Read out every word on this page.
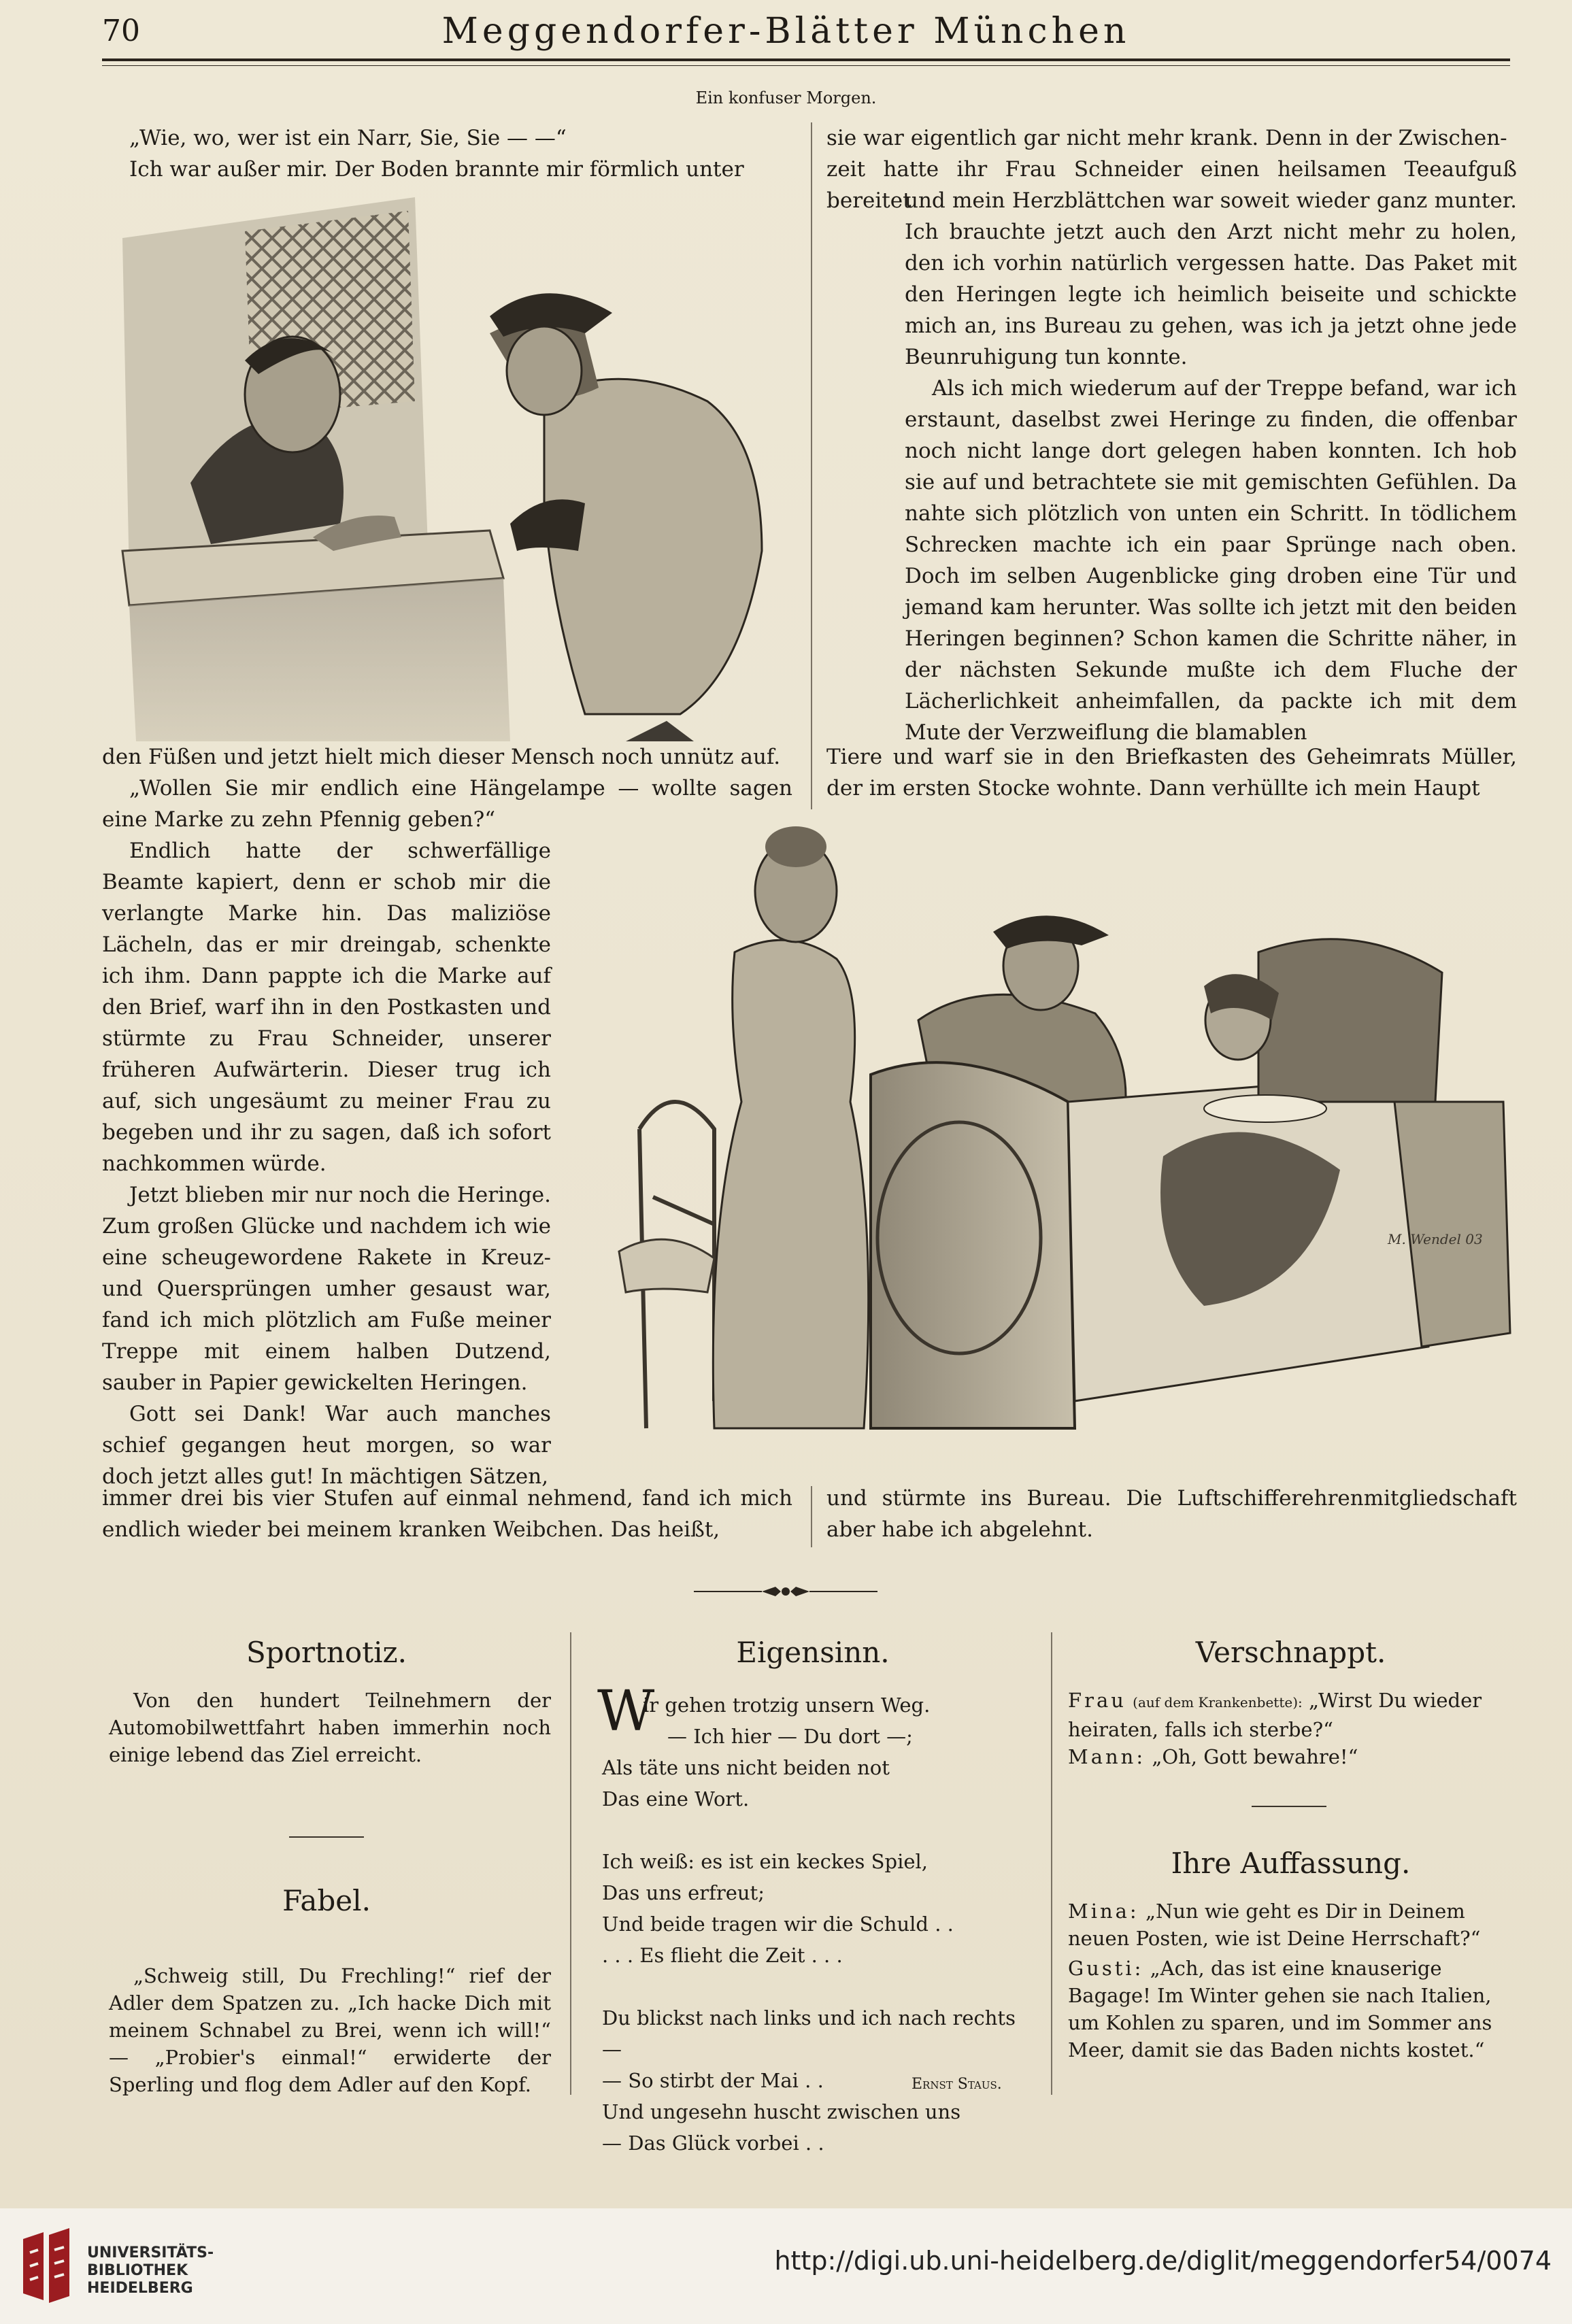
70	Meggendorfer-Blätter München
Ein konfuser Morgen.

„Wie, wo, wer ist ein Narr, Sie, Sie — —“

Ich war außer mir. Der Boden brannte mir förmlich unter

sie war eigentlich gar nicht mehr krank. Denn in der Zwischen-

zeit hatte ihr Frau Schneider einen heilsamen Teeaufguß bereitet

und mein Herzblättchen war soweit wieder ganz munter. Ich brauchte jetzt auch den Arzt nicht mehr zu holen, den ich vorhin natürlich vergessen hatte. Das Paket mit den Heringen legte ich heimlich beiseite und schickte mich an, ins Bureau zu gehen, was ich ja jetzt ohne jede Beunruhigung tun konnte.

Als ich mich wiederum auf der Treppe befand, war ich erstaunt, daselbst zwei Heringe zu finden, die offenbar noch nicht lange dort gelegen haben konnten. Ich hob sie auf und betrachtete sie mit gemischten Gefühlen. Da nahte sich plötzlich von unten ein Schritt. In tödlichem Schrecken machte ich ein paar Sprünge nach oben. Doch im selben Augenblicke ging droben eine Tür und jemand kam herunter. Was sollte ich jetzt mit den beiden Heringen beginnen? Schon kamen die Schritte näher, in der nächsten Sekunde mußte ich dem Fluche der Lächerlichkeit anheimfallen, da packte ich mit dem Mute der Verzweiflung die blamablen

den Füßen und jetzt hielt mich dieser Mensch noch unnütz auf.

„Wollen Sie mir endlich eine Hängelampe — wollte sagen eine Marke zu zehn Pfennig geben?“

Tiere und warf sie in den Briefkasten des Geheimrats Müller, der im ersten Stocke wohnte. Dann verhüllte ich mein Haupt

Endlich hatte der schwerfällige Beamte kapiert, denn er schob mir die verlangte Marke hin. Das maliziöse Lächeln, das er mir dreingab, schenkte ich ihm. Dann pappte ich die Marke auf den Brief, warf ihn in den Postkasten und stürmte zu Frau Schneider, unserer früheren Aufwärterin. Dieser trug ich auf, sich ungesäumt zu meiner Frau zu begeben und ihr zu sagen, daß ich sofort nachkommen würde.

Jetzt blieben mir nur noch die Heringe. Zum großen Glücke und nachdem ich wie eine scheugewordene Rakete in Kreuz- und Quersprüngen umher gesaust war, fand ich mich plötzlich am Fuße meiner Treppe mit einem halben Dutzend, sauber in Papier gewickelten Heringen.

Gott sei Dank! War auch manches schief gegangen heut morgen, so war doch jetzt alles gut! In mächtigen Sätzen,

M. Wendel 03

immer drei bis vier Stufen auf einmal nehmend, fand ich mich endlich wieder bei meinem kranken Weibchen. Das heißt,

und stürmte ins Bureau. Die Luftschifferehrenmitgliedschaft aber habe ich abgelehnt.

Sportnotiz.
Von den hundert Teilnehmern der Automobilwettfahrt haben immerhin noch einige lebend das Ziel erreicht.
Fabel.
„Schweig still, Du Frechling!“ rief der Adler dem Spatzen zu. „Ich hacke Dich mit meinem Schnabel zu Brei, wenn ich will!“ — „Probier's einmal!“ erwiderte der Sperling und flog dem Adler auf den Kopf.
Eigensinn.
W
ir gehen trotzig unsern Weg.
— Ich hier — Du dort —;
Als täte uns nicht beiden not
Das eine Wort.
Ich weiß: es ist ein keckes Spiel,
Das uns erfreut;
Und beide tragen wir die Schuld . .
. . . Es flieht die Zeit . . .
Du blickst nach links und ich nach rechts —
— So stirbt der Mai . .
Und ungesehn huscht zwischen uns
— Das Glück vorbei . .
Ernst Staus.
Verschnappt.
Frau (auf dem Krankenbette): „Wirst Du wieder heiraten, falls ich sterbe?“
Mann: „Oh, Gott bewahre!“
Ihre Auffassung.
Mina: „Nun wie geht es Dir in Deinem neuen Posten, wie ist Deine Herrschaft?“
Gusti: „Ach, das ist eine knauserige Bagage! Im Winter gehen sie nach Italien, um Kohlen zu sparen, und im Sommer ans Meer, damit sie das Baden nichts kostet.“
UNIVERSITÄTS-
BIBLIOTHEK
HEIDELBERG
http://digi.ub.uni-heidelberg.de/diglit/meggendorfer54/0074
